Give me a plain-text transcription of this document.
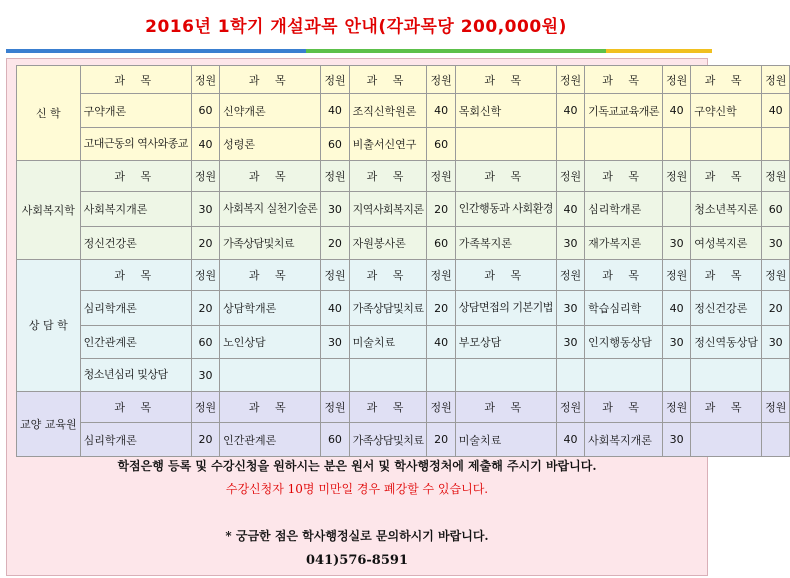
2016년 1학기 개설과목 안내(각과목당 200,000원)
신 학	과 목	정원	과 목	정원	과 목	정원	과 목	정원	과 목	정원	과 목	정원
	구약개론	60	신약개론	40	조직신학원론	40	목회신학	40	기독교교육개론	40	구약신학	40
	고대근동의 역사와종교	40	성령론	60	비출서신연구	60						
사회복지학	과 목	정원	과 목	정원	과 목	정원	과 목	정원	과 목	정원	과 목	정원
	사회복지개론	30	사회복지 실천기술론	30	지역사회복지론	20	인간행동과 사회환경	40	심리학개론		청소년복지론	60
	정신건강론	20	가족상담및치료	20	자원봉사론	60	가족복지론	30	재가복지론	30	여성복지론	30
상 담 학	과 목	정원	과 목	정원	과 목	정원	과 목	정원	과 목	정원	과 목	정원
	심리학개론	20	상담학개론	40	가족상담및치료	20	상담면접의 기본기법	30	학습심리학	40	정신건강론	20
	인간관계론	60	노인상담	30	미술치료	40	부모상담	30	인지행동상담	30	정신역동상담	30
	청소년심리 및상담	30										
교양 교육원	과 목	정원	과 목	정원	과 목	정원	과 목	정원	과 목	정원	과 목	정원
	심리학개론	20	인간관계론	60	가족상담및치료	20	미술치료	40	사회복지개론	30		
학점은행 등록 및 수강신청을 원하시는 분은 원서 및 학사행정처에 제출해 주시기 바랍니다.
수강신청자 10명 미만일 경우 폐강할 수 있습니다.
* 궁금한 점은 학사행정실로 문의하시기 바랍니다.
041)576-8591
